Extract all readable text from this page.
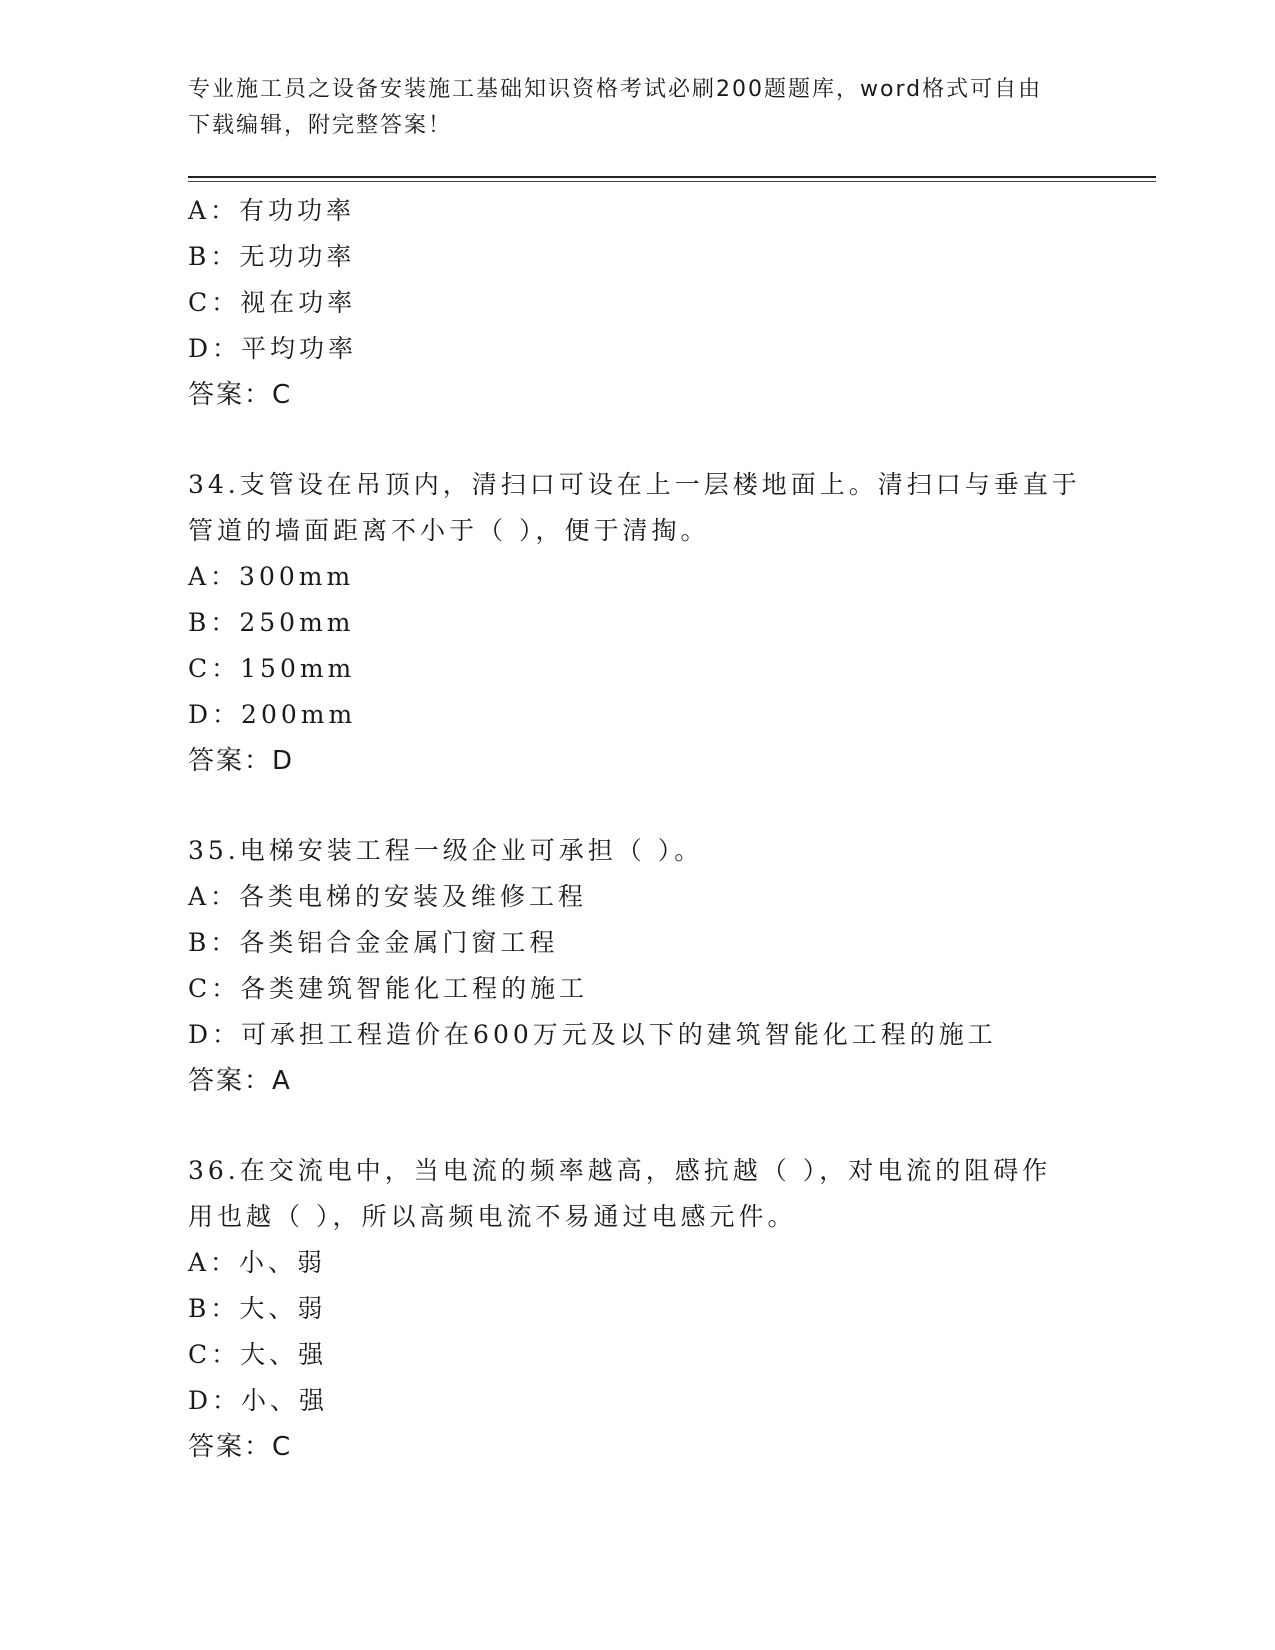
专业施工员之设备安装施工基础知识资格考试必刷200题题库，word格式可自由
下载编辑，附完整答案！
A：有功功率
B：无功功率
C：视在功率
D：平均功率
答案：C
34.支管设在吊顶内，清扫口可设在上一层楼地面上。清扫口与垂直于
管道的墙面距离不小于（ ），便于清掏。
A：300mm
B：250mm
C：150mm
D：200mm
答案：D
35.电梯安装工程一级企业可承担（ ）。
A：各类电梯的安装及维修工程
B：各类铝合金金属门窗工程
C：各类建筑智能化工程的施工
D：可承担工程造价在600万元及以下的建筑智能化工程的施工
答案：A
36.在交流电中，当电流的频率越高，感抗越（ ），对电流的阻碍作
用也越（ ），所以高频电流不易通过电感元件。
A：小、弱
B：大、弱
C：大、强
D：小、强
答案：C
